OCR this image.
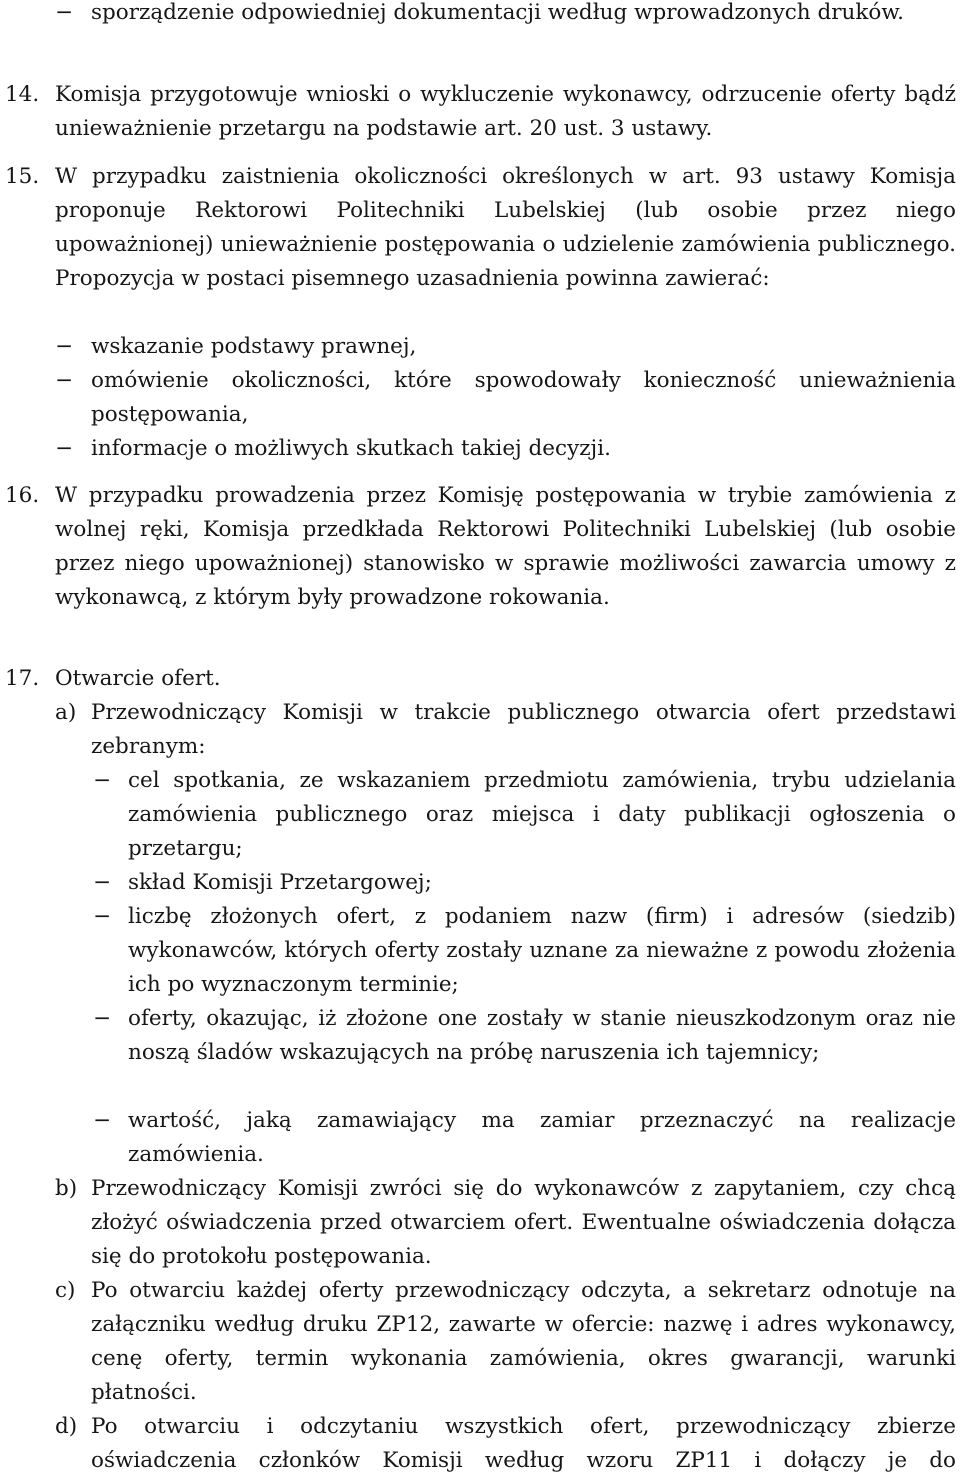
− sporządzenie odpowiedniej dokumentacji według wprowadzonych druków.
14. Komisja przygotowuje wnioski o wykluczenie wykonawcy, odrzucenie oferty bądź unieważnienie przetargu na podstawie art. 20 ust. 3 ustawy.
15. W przypadku zaistnienia okoliczności określonych w art. 93 ustawy Komisja proponuje Rektorowi Politechniki Lubelskiej (lub osobie przez niego upoważnionej) unieważnienie postępowania o udzielenie zamówienia publicznego. Propozycja w postaci pisemnego uzasadnienia powinna zawierać:
− wskazanie podstawy prawnej,
− omówienie okoliczności, które spowodowały konieczność unieważnienia postępowania,
− informacje o możliwych skutkach takiej decyzji.
16. W przypadku prowadzenia przez Komisję postępowania w trybie zamówienia z wolnej ręki, Komisja przedkłada Rektorowi Politechniki Lubelskiej (lub osobie przez niego upoważnionej) stanowisko w sprawie możliwości zawarcia umowy z wykonawcą, z którym były prowadzone rokowania.
17. Otwarcie ofert.
a) Przewodniczący Komisji w trakcie publicznego otwarcia ofert przedstawi zebranym:
− cel spotkania, ze wskazaniem przedmiotu zamówienia, trybu udzielania zamówienia publicznego oraz miejsca i daty publikacji ogłoszenia o przetargu;
− skład Komisji Przetargowej;
− liczbę złożonych ofert, z podaniem nazw (firm) i adresów (siedzib) wykonawców, których oferty zostały uznane za nieważne z powodu złożenia ich po wyznaczonym terminie;
− oferty, okazując, iż złożone one zostały w stanie nieuszkodzonym oraz nie noszą śladów wskazujących na próbę naruszenia ich tajemnicy;
− wartość, jaką zamawiający ma zamiar przeznaczyć na realizacje zamówienia.
b) Przewodniczący Komisji zwróci się do wykonawców z zapytaniem, czy chcą złożyć oświadczenia przed otwarciem ofert. Ewentualne oświadczenia dołącza się do protokołu postępowania.
c) Po otwarciu każdej oferty przewodniczący odczyta, a sekretarz odnotuje na załączniku według druku ZP12, zawarte w ofercie: nazwę i adres wykonawcy, cenę oferty, termin wykonania zamówienia, okres gwarancji, warunki płatności.
d) Po otwarciu i odczytaniu wszystkich ofert, przewodniczący zbierze oświadczenia członków Komisji według wzoru ZP11 i dołączy je do
